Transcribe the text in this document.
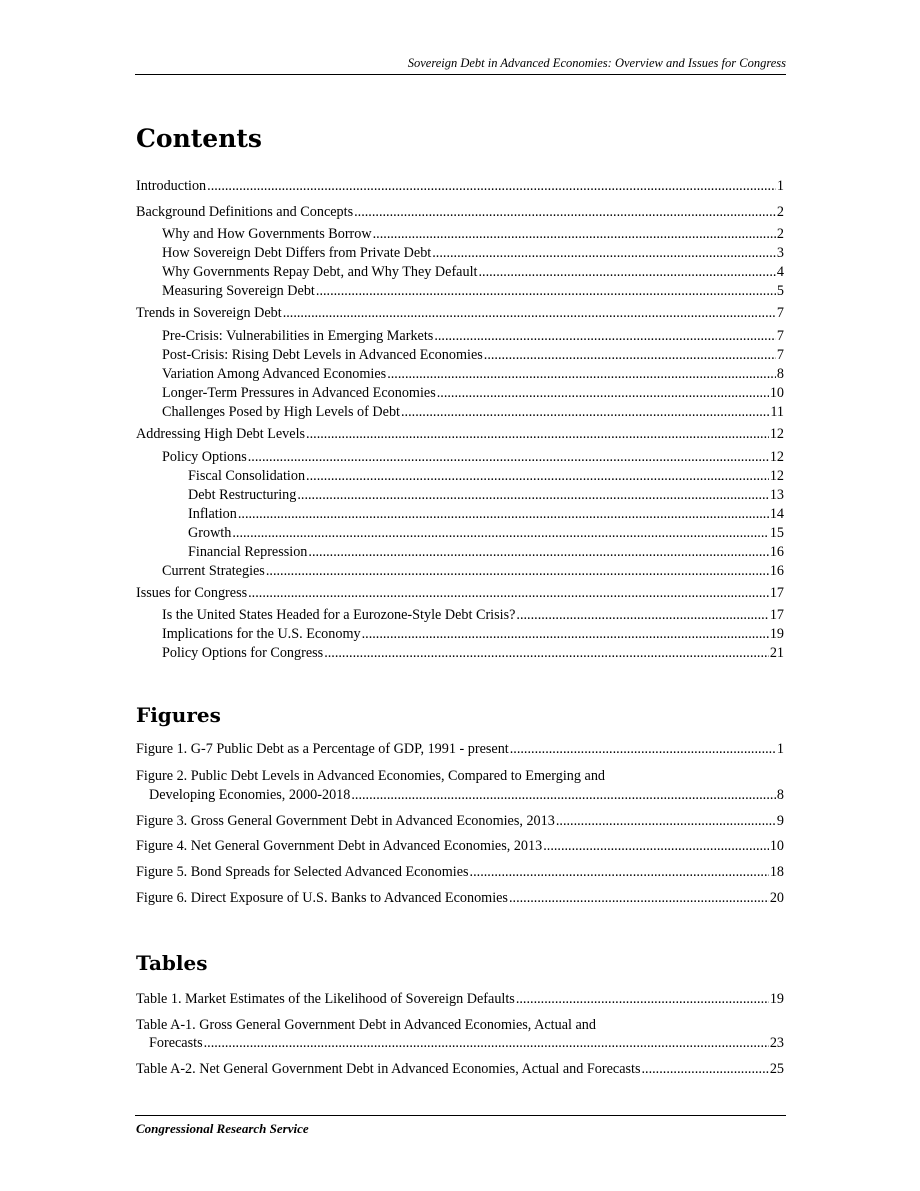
Sovereign Debt in Advanced Economies: Overview and Issues for Congress
Contents
Introduction .....	1
Background Definitions and Concepts .....	2
Why and How Governments Borrow .....	2
How Sovereign Debt Differs from Private Debt .....	3
Why Governments Repay Debt, and Why They Default .....	4
Measuring Sovereign Debt .....	5
Trends in Sovereign Debt .....	7
Pre-Crisis: Vulnerabilities in Emerging Markets .....	7
Post-Crisis: Rising Debt Levels in Advanced Economies .....	7
Variation Among Advanced Economies .....	8
Longer-Term Pressures in Advanced Economies .....	10
Challenges Posed by High Levels of Debt .....	11
Addressing High Debt Levels .....	12
Policy Options .....	12
Fiscal Consolidation .....	12
Debt Restructuring .....	13
Inflation .....	14
Growth .....	15
Financial Repression .....	16
Current Strategies .....	16
Issues for Congress .....	17
Is the United States Headed for a Eurozone-Style Debt Crisis? .....	17
Implications for the U.S. Economy .....	19
Policy Options for Congress .....	21
Figures
Figure 1. G-7 Public Debt as a Percentage of GDP, 1991 - present .....	1
Figure 2. Public Debt Levels in Advanced Economies, Compared to Emerging and
Developing Economies, 2000-2018 .....	8
Figure 3. Gross General Government Debt in Advanced Economies, 2013 .....	9
Figure 4. Net General Government Debt in Advanced Economies, 2013 .....	10
Figure 5. Bond Spreads for Selected Advanced Economies .....	18
Figure 6. Direct Exposure of U.S. Banks to Advanced Economies .....	20
Tables
Table 1. Market Estimates of the Likelihood of Sovereign Defaults .....	19
Table A-1. Gross General Government Debt in Advanced Economies, Actual and
Forecasts .....	23
Table A-2. Net General Government Debt in Advanced Economies, Actual and Forecasts .....	25
Congressional Research Service
